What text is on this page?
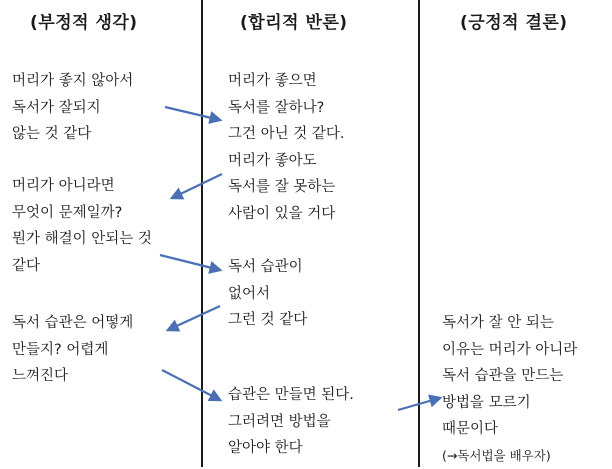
(부정적 생각)	(합리적 반론)	(긍정적 결론)
머리가 좋지 않아서
독서가 잘되지
않는 것 같다
머리가 아니라면
무엇이 문제일까?
뭔가 해결이 안되는 것
같다
독서 습관은 어떻게
만들지? 어렵게
느껴진다
머리가 좋으면
독서를 잘하나?
그건 아닌 것 같다.
머리가 좋아도
독서를 잘 못하는
사람이 있을 거다
독서 습관이
없어서
그런 것 같다
습관은 만들면 된다.
그러려면 방법을
알아야 한다
독서가 잘 안 되는
이유는 머리가 아니라
독서 습관을 만드는
방법을 모르기
때문이다
(→독서법을 배우자)
